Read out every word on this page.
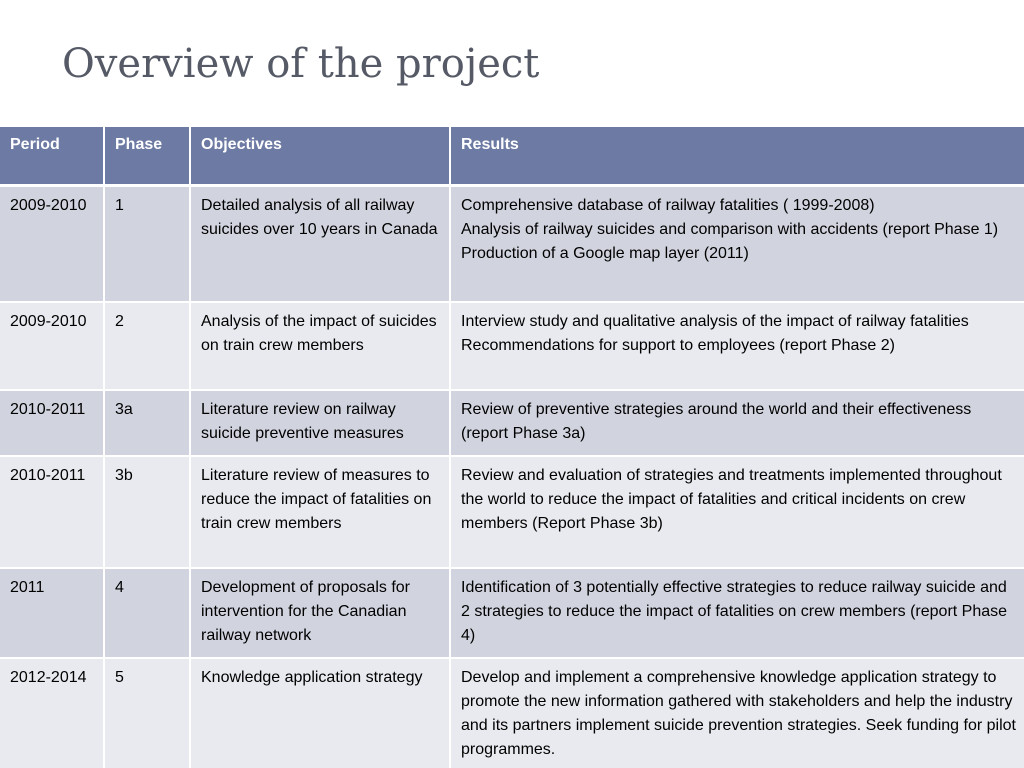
Overview of the project
Period	Phase	Objectives	Results
2009-2010	1	Detailed analysis of all railway suicides over 10 years in Canada	Comprehensive database of railway fatalities ( 1999-2008)
Analysis of railway suicides and comparison with accidents (report Phase 1)
Production of a Google map layer (2011)

2009-2010	2	Analysis of the impact of suicides on train crew members	Interview study and qualitative analysis of the impact of railway fatalities
Recommendations for support to employees (report Phase 2)

2010-2011	3a	Literature review on railway suicide preventive measures	Review of preventive strategies around the world and their effectiveness (report Phase 3a)

2010-2011	3b	Literature review of measures to reduce the impact of fatalities on train crew members	Review and evaluation of strategies and treatments implemented throughout the world to reduce the impact of fatalities and critical incidents on crew members (Report Phase 3b)

2011	4	Development of proposals for intervention for the Canadian railway network	Identification of 3 potentially effective strategies to reduce railway suicide and 2 strategies to reduce the impact of fatalities on crew members (report Phase 4)

2012-2014	5	Knowledge application strategy	Develop and implement a comprehensive knowledge application strategy to promote the new information gathered with stakeholders and help the industry and its partners implement suicide prevention strategies. Seek funding for pilot programmes.
